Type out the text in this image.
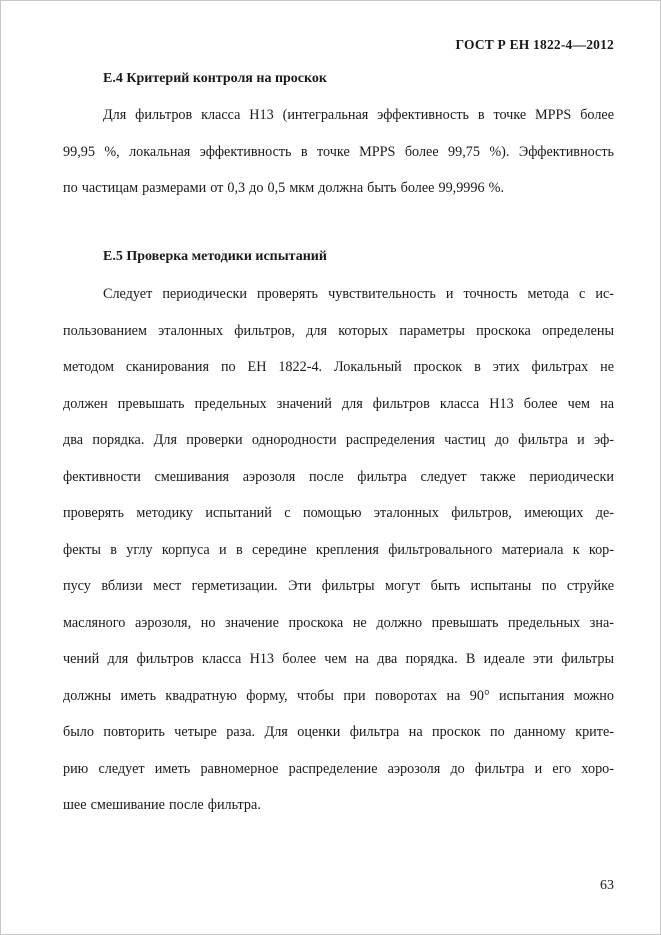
ГОСТ Р ЕН 1822-4—2012
Е.4 Критерий контроля на проскок
Для фильтров класса H13 (интегральная эффективность в точке MPPS более
99,95 %, локальная эффективность в точке MPPS более 99,75 %). Эффективность
по частицам размерами от 0,3 до 0,5 мкм должна быть более 99,9996 %.
Е.5 Проверка методики испытаний
Следует периодически проверять чувствительность и точность метода с ис-
пользованием эталонных фильтров, для которых параметры проскока определены
методом сканирования по ЕН 1822-4. Локальный проскок в этих фильтрах не
должен превышать предельных значений для фильтров класса H13 более чем на
два порядка. Для проверки однородности распределения частиц до фильтра и эф-
фективности смешивания аэрозоля после фильтра следует также периодически
проверять методику испытаний с помощью эталонных фильтров, имеющих де-
фекты в углу корпуса и в середине крепления фильтровального материала к кор-
пусу вблизи мест герметизации. Эти фильтры могут быть испытаны по струйке
масляного аэрозоля, но значение проскока не должно превышать предельных зна-
чений для фильтров класса H13 более чем на два порядка. В идеале эти фильтры
должны иметь квадратную форму, чтобы при поворотах на 90° испытания можно
было повторить четыре раза. Для оценки фильтра на проскок по данному крите-
рию следует иметь равномерное распределение аэрозоля до фильтра и его хоро-
шее смешивание после фильтра.
63
